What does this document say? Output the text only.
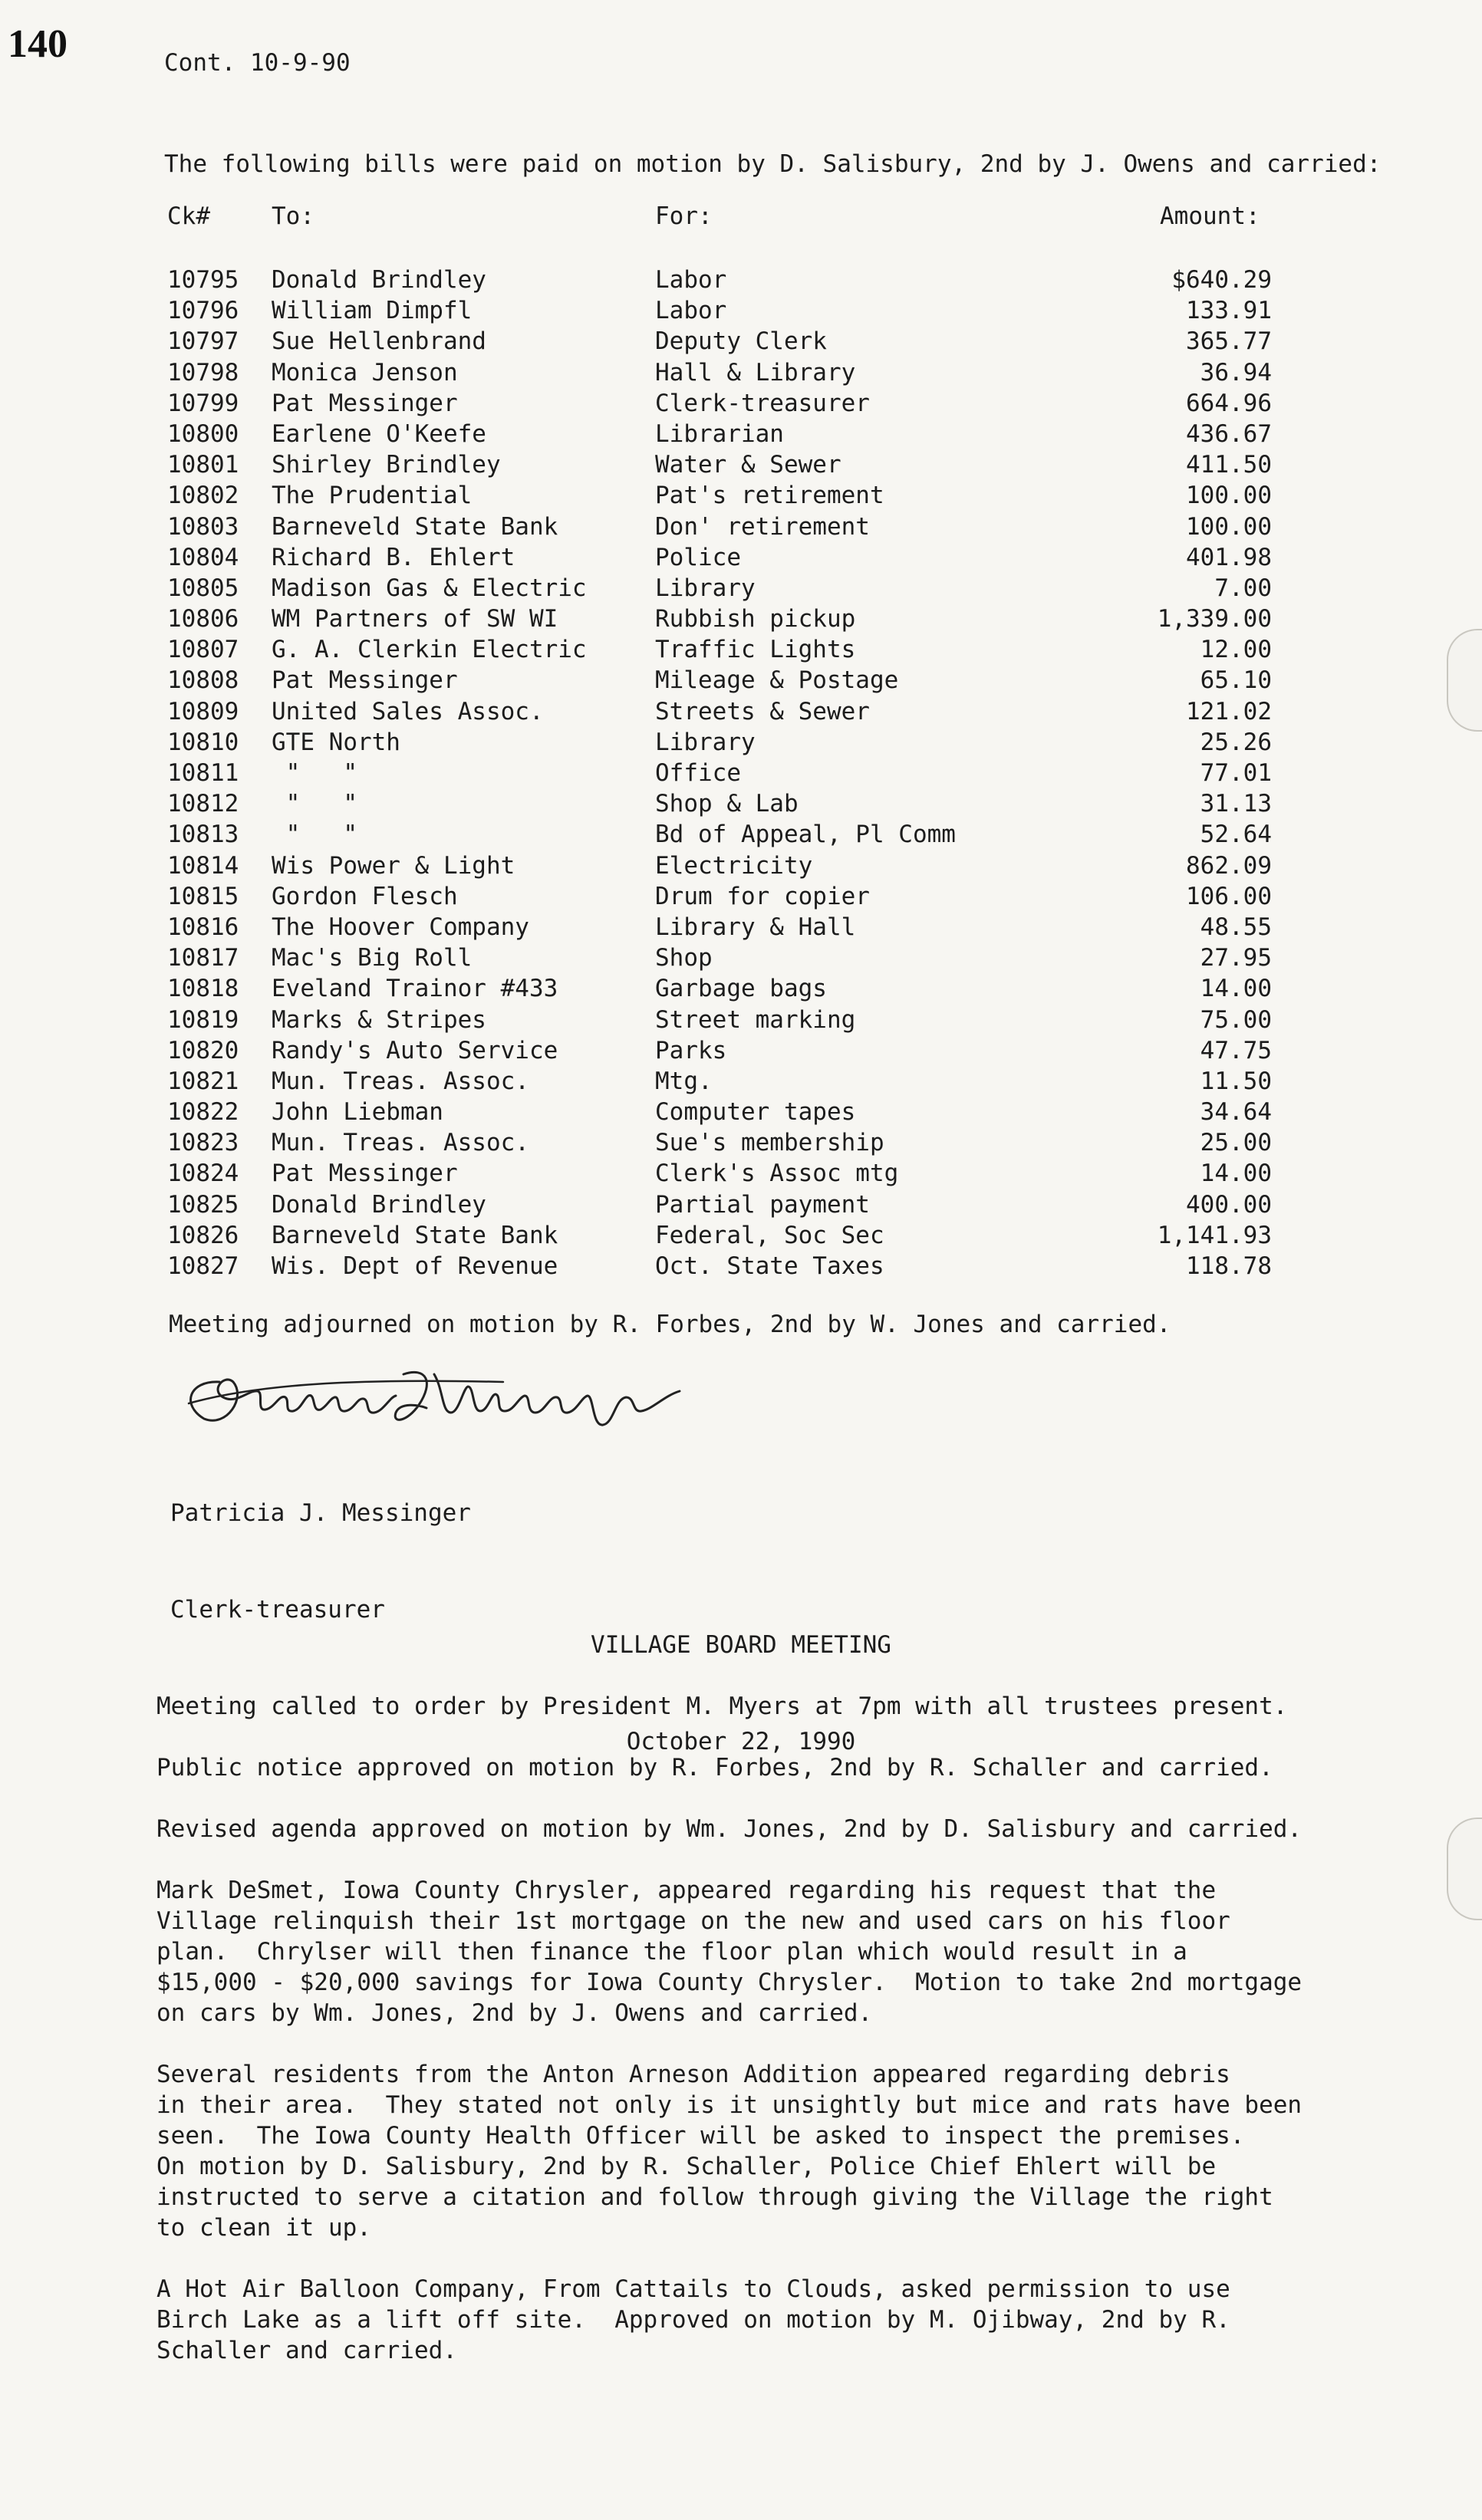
140	Cont. 10-9-90
The following bills were paid on motion by D. Salisbury, 2nd by J. Owens and carried:
Ck#	To:	For:	Amount:
10795 Donald Brindley	Labor	$640.29
10796 William Dimpfl	Labor	133.91
10797 Sue Hellenbrand	Deputy Clerk	365.77
10798 Monica Jenson	Hall & Library	36.94
10799 Pat Messinger	Clerk-treasurer	664.96
10800 Earlene O'Keefe	Librarian	436.67
10801 Shirley Brindley	Water & Sewer	411.50
10802 The Prudential	Pat's retirement	100.00
10803 Barneveld State Bank	Don' retirement	100.00
10804 Richard B. Ehlert	Police	401.98
10805 Madison Gas & Electric	Library	7.00
10806 WM Partners of SW WI	Rubbish pickup	1,339.00
10807 G. A. Clerkin Electric	Traffic Lights	12.00
10808 Pat Messinger	Mileage & Postage	65.10
10809 United Sales Assoc.	Streets & Sewer	121.02
10810 GTE North	Library	25.26
10811 "   "	Office	77.01
10812 "   "	Shop & Lab	31.13
10813 "   "	Bd of Appeal, Pl Comm	52.64
10814 Wis Power & Light	Electricity	862.09
10815 Gordon Flesch	Drum for copier	106.00
10816 The Hoover Company	Library & Hall	48.55
10817 Mac's Big Roll	Shop	27.95
10818 Eveland Trainor #433	Garbage bags	14.00
10819 Marks & Stripes	Street marking	75.00
10820 Randy's Auto Service	Parks	47.75
10821 Mun. Treas. Assoc.	Mtg.	11.50
10822 John Liebman	Computer tapes	34.64
10823 Mun. Treas. Assoc.	Sue's membership	25.00
10824 Pat Messinger	Clerk's Assoc mtg	14.00
10825 Donald Brindley	Partial payment	400.00
10826 Barneveld State Bank	Federal, Soc Sec	1,141.93
10827 Wis. Dept of Revenue	Oct. State Taxes	118.78
Meeting adjourned on motion by R. Forbes, 2nd by W. Jones and carried.

Patricia J. Messinger

Clerk-treasurer

VILLAGE BOARD MEETING

October 22, 1990

Meeting called to order by President M. Myers at 7pm with all trustees present.
Public notice approved on motion by R. Forbes, 2nd by R. Schaller and carried.
Revised agenda approved on motion by Wm. Jones, 2nd by D. Salisbury and carried.
Mark DeSmet, Iowa County Chrysler, appeared regarding his request that the
Village relinquish their 1st mortgage on the new and used cars on his floor
plan.  Chrylser will then finance the floor plan which would result in a
$15,000 - $20,000 savings for Iowa County Chrysler.  Motion to take 2nd mortgage
on cars by Wm. Jones, 2nd by J. Owens and carried.
Several residents from the Anton Arneson Addition appeared regarding debris
in their area.  They stated not only is it unsightly but mice and rats have been
seen.  The Iowa County Health Officer will be asked to inspect the premises.
On motion by D. Salisbury, 2nd by R. Schaller, Police Chief Ehlert will be
instructed to serve a citation and follow through giving the Village the right
to clean it up.
A Hot Air Balloon Company, From Cattails to Clouds, asked permission to use
Birch Lake as a lift off site.  Approved on motion by M. Ojibway, 2nd by R.
Schaller and carried.
